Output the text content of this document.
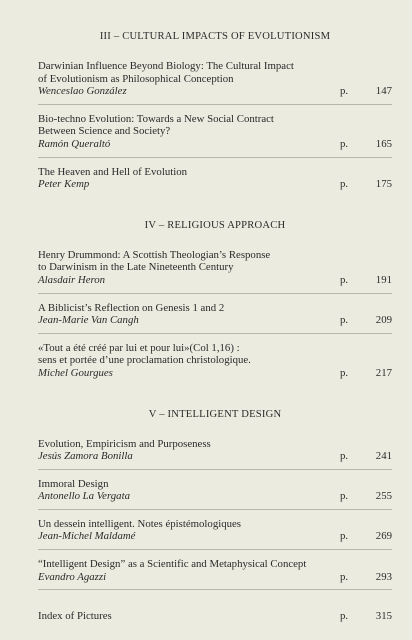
III – CULTURAL IMPACTS OF EVOLUTIONISM
Darwinian Influence Beyond Biology: The Cultural Impact
of Evolutionism as Philosophical Conception
Wenceslao González	p.	147
Bio-techno Evolution: Towards a New Social Contract
Between Science and Society?
Ramón Queraltó	p.	165
The Heaven and Hell of Evolution
Peter Kemp	p.	175
IV – RELIGIOUS APPROACH
Henry Drummond: A Scottish Theologian’s Response
to Darwinism in the Late Nineteenth Century
Alasdair Heron	p.	191
A Biblicist’s Reflection on Genesis 1 and 2
Jean-Marie Van Cangh	p.	209
«Tout a été créé par lui et pour lui»(Col 1,16) :
sens et portée d’une proclamation christologique.
Michel Gourgues	p.	217
V – INTELLIGENT DESIGN
Evolution, Empiricism and Purposeness
Jesús Zamora Bonilla	p.	241
Immoral Design
Antonello La Vergata	p.	255
Un dessein intelligent. Notes épistémologiques
Jean-Michel Maldamé	p.	269
“Intelligent Design” as a Scientific and Metaphysical Concept
Evandro Agazzi	p.	293
Index of Pictures	p.	315
